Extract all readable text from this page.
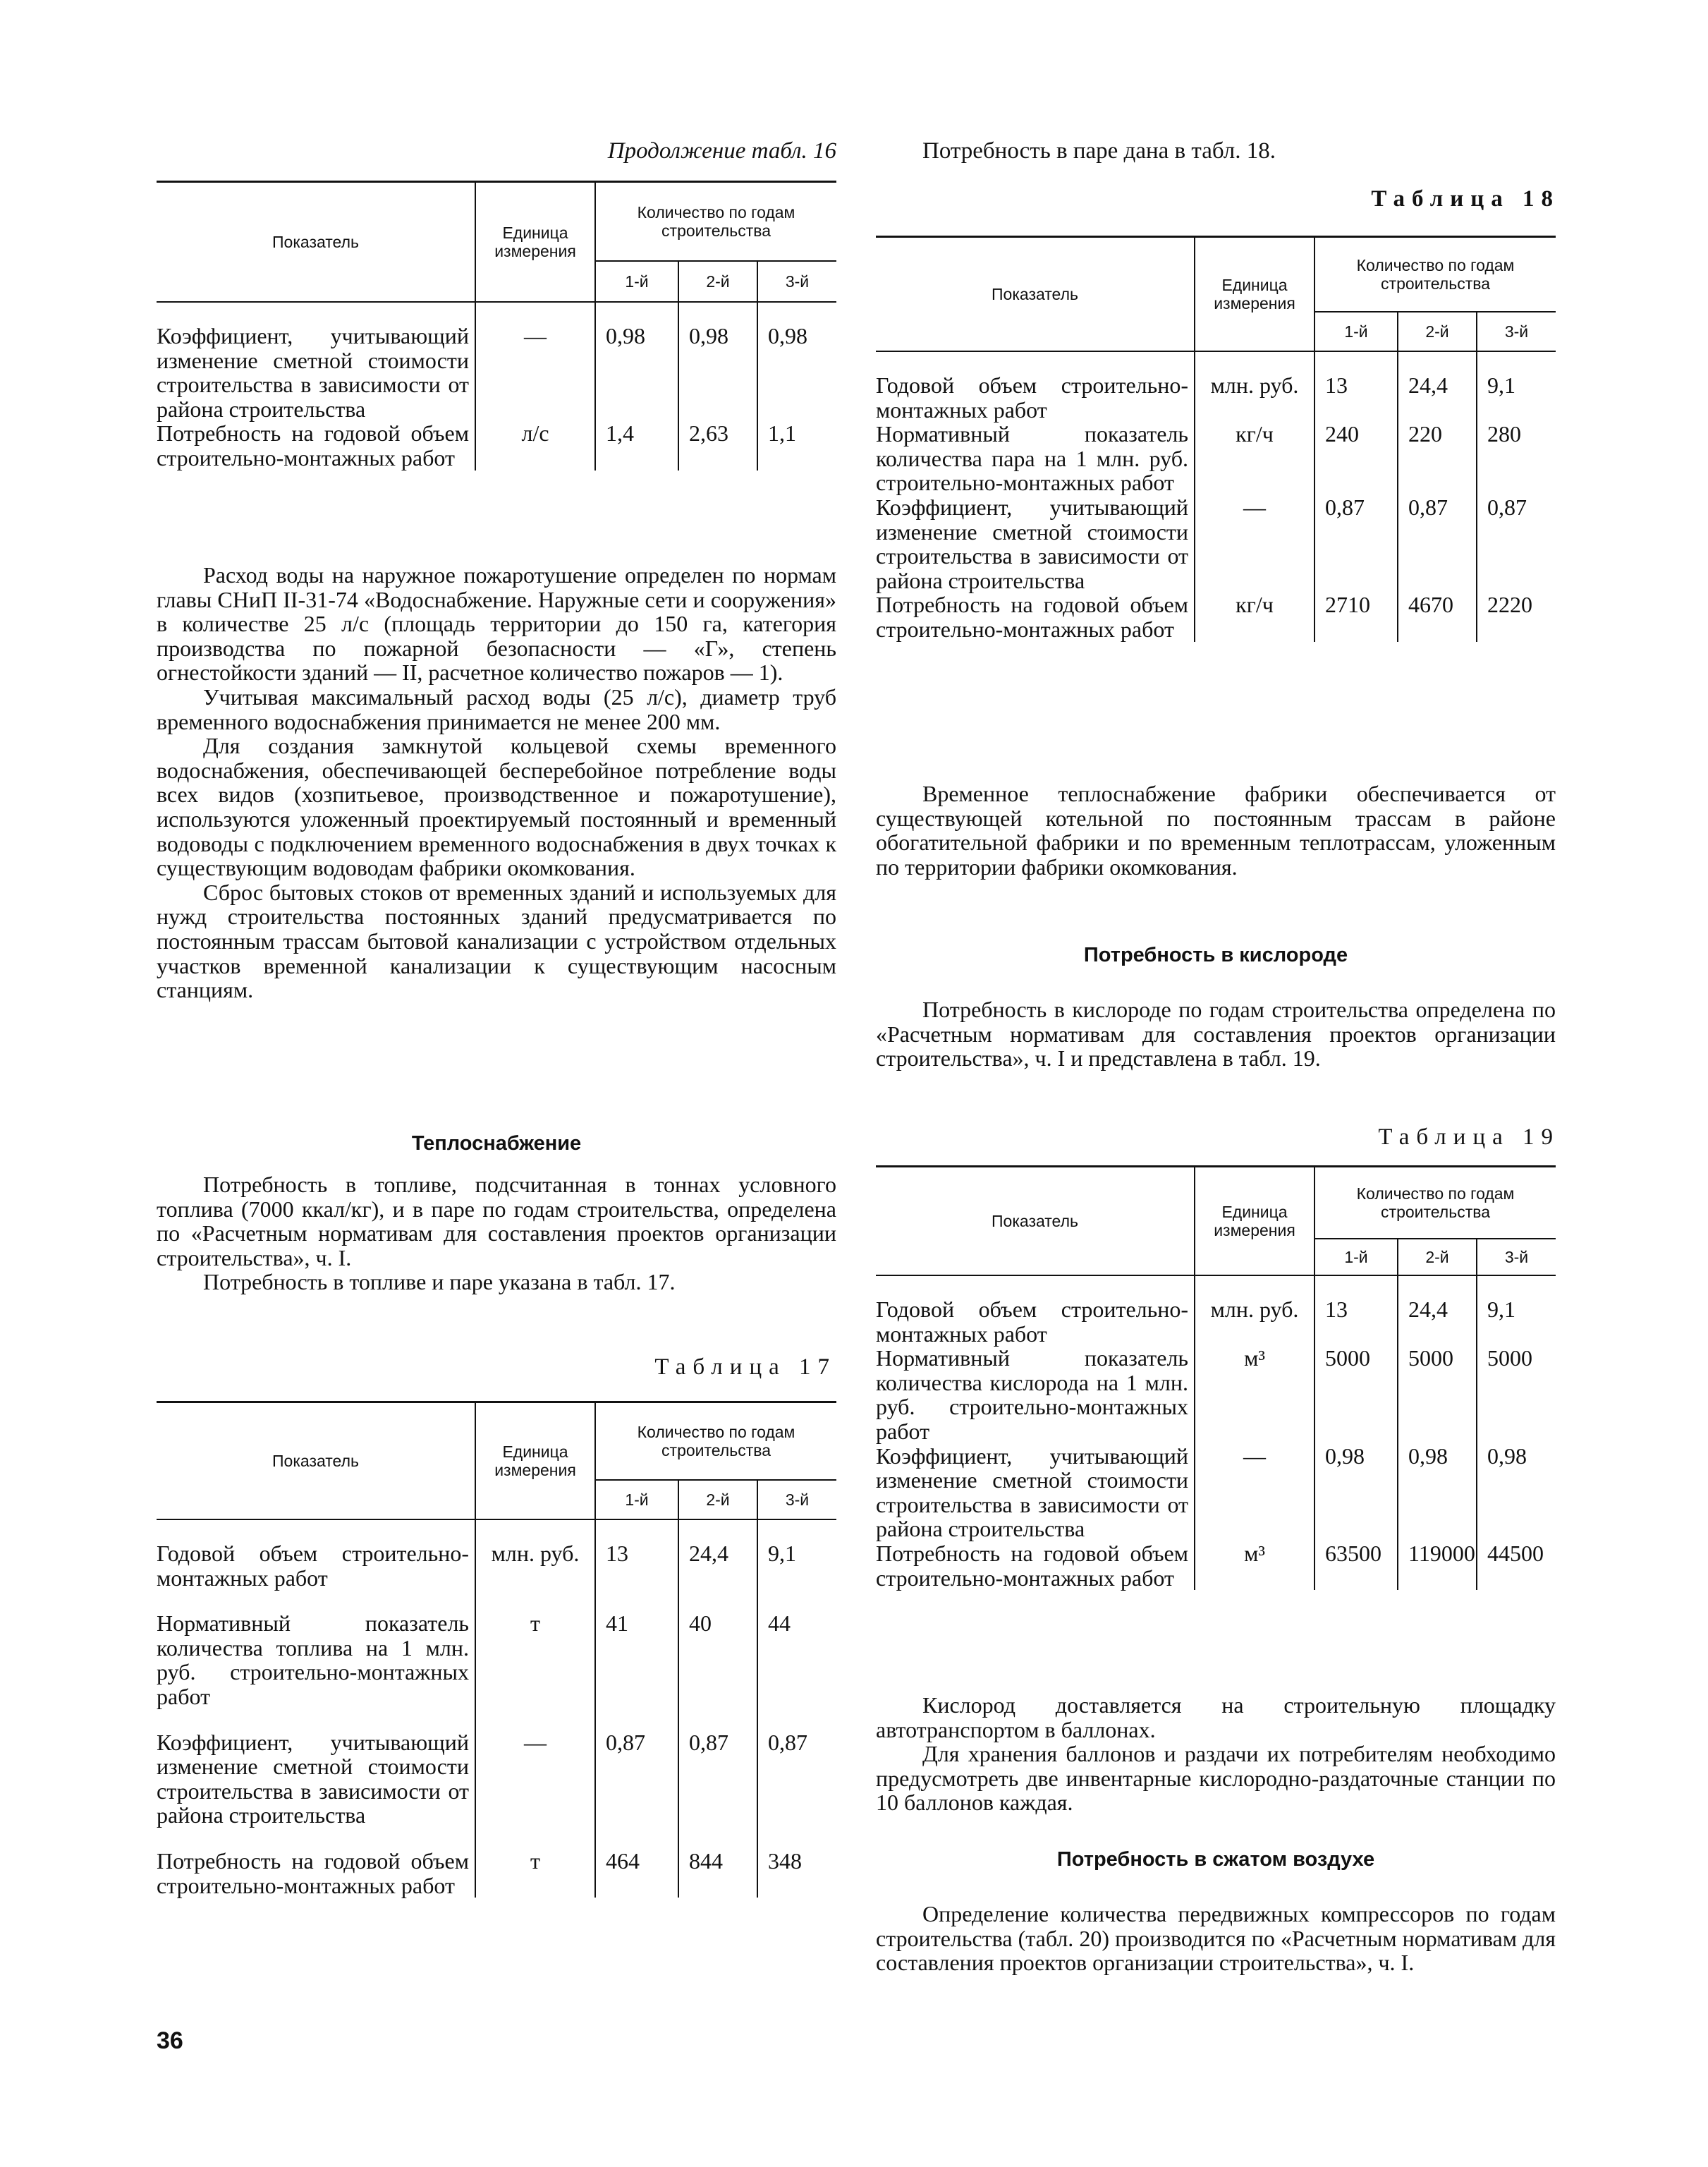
Продолжение табл. 16
Показатель	Единица измерения	Количество по годам строительства		
		1-й	2-й	3-й
Коэффициент, учитывающий изменение сметной стоимости строительства в зависимости от района строительства	—	0,98	0,98	0,98
Потребность на годовой объем строительно-монтажных работ	л/с	1,4	2,63	1,1

Расход воды на наружное пожаротушение определен по нормам главы СНиП II-31-74 «Водоснабжение. Наружные сети и сооружения» в количестве 25 л/с (площадь территории до 150 га, категория производства по пожарной безопасности — «Г», степень огнестойкости зданий — II, расчетное количество пожаров — 1).

Учитывая максимальный расход воды (25 л/с), диаметр труб временного водоснабжения принимается не менее 200 мм.

Для создания замкнутой кольцевой схемы временного водоснабжения, обеспечивающей бесперебойное потребление воды всех видов (хозпитьевое, производственное и пожаротушение), используются уложенный проектируемый постоянный и временный водоводы с подключением временного водоснабжения в двух точках к существующим водоводам фабрики окомкования.

Сброс бытовых стоков от временных зданий и используемых для нужд строительства постоянных зданий предусматривается по постоянным трассам бытовой канализации с устройством отдельных участков временной канализации к существующим насосным станциям.

Теплоснабжение

Потребность в топливе, подсчитанная в тоннах условного топлива (7000 ккал/кг), и в паре по годам строительства, определена по «Расчетным нормативам для составления проектов организации строительства», ч. I.

Потребность в топливе и паре указана в табл. 17.

Таблица 17
Показатель	Единица измерения	Количество по годам строительства		
		1-й	2-й	3-й
Годовой объем строительно-монтажных работ	млн. руб.	13	24,4	9,1
Нормативный показатель количества топлива на 1 млн. руб. строительно-монтажных работ	т	41	40	44
Коэффициент, учитывающий изменение сметной стоимости строительства в зависимости от района строительства	—	0,87	0,87	0,87
Потребность на годовой объем строительно-монтажных работ	т	464	844	348
36
Потребность в паре дана в табл. 18.
Таблица 18
Показатель	Единица измерения	Количество по годам строительства		
		1-й	2-й	3-й
Годовой объем строительно-монтажных работ	млн. руб.	13	24,4	9,1
Нормативный показатель количества пара на 1 млн. руб. строительно-монтажных работ	кг/ч	240	220	280
Коэффициент, учитывающий изменение сметной стоимости строительства в зависимости от района строительства	—	0,87	0,87	0,87
Потребность на годовой объем строительно-монтажных работ	кг/ч	2710	4670	2220

Временное теплоснабжение фабрики обеспечивается от существующей котельной по постоянным трассам в районе обогатительной фабрики и по временным теплотрассам, уложенным по территории фабрики окомкования.

Потребность в кислороде

Потребность в кислороде по годам строительства определена по «Расчетным нормативам для составления проектов организации строительства», ч. I и представлена в табл. 19.

Таблица 19
Показатель	Единица измерения	Количество по годам строительства		
		1-й	2-й	3-й
Годовой объем строительно-монтажных работ	млн. руб.	13	24,4	9,1
Нормативный показатель количества кислорода на 1 млн. руб. строительно-монтажных работ	м³	5000	5000	5000
Коэффициент, учитывающий изменение сметной стоимости строительства в зависимости от района строительства	—	0,98	0,98	0,98
Потребность на годовой объем строительно-монтажных работ	м³	63500	119000	44500

Кислород доставляется на строительную площадку автотранспортом в баллонах.

Для хранения баллонов и раздачи их потребителям необходимо предусмотреть две инвентарные кислородно-раздаточные станции по 10 баллонов каждая.

Потребность в сжатом воздухе

Определение количества передвижных компрессоров по годам строительства (табл. 20) производится по «Расчетным нормативам для составления проектов организации строительства», ч. I.
